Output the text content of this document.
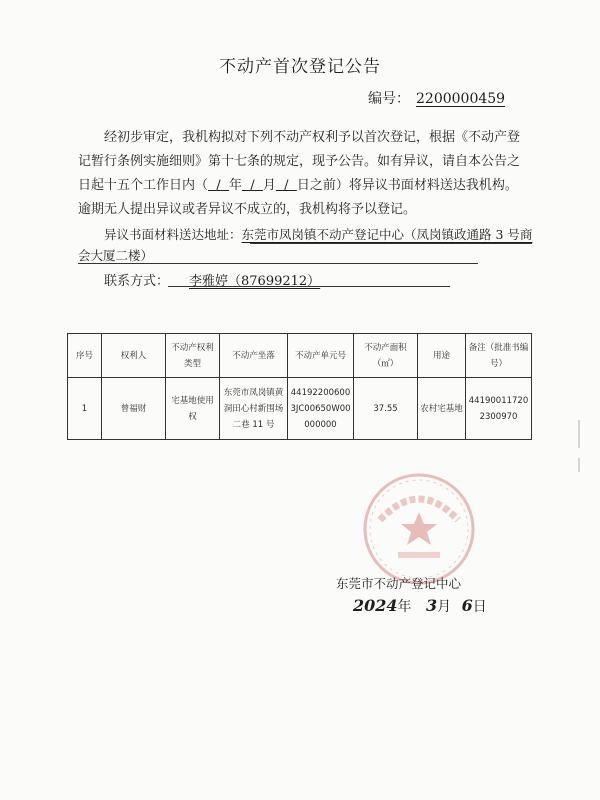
不动产首次登记公告
编号： 2200000459

经初步审定，我机构拟对下列不动产权利予以首次登记，根据《不动产登记暂行条例实施细则》第十七条的规定，现予公告。如有异议，请自本公告之日起十五个工作日内（ / 年 / 月 / 日之前）将异议书面材料送达我机构。逾期无人提出异议或者异议不成立的，我机构将予以登记。

异议书面材料送达地址：东莞市凤岗镇不动产登记中心（凤岗镇政通路 3 号商会大厦二楼）

联系方式： 李雅婷（87699212）
序号	权利人	不动产权利类型	不动产坐落	不动产单元号	不动产面积（㎡）	用途	备注（批准书编号）
1	曾福财	宅基地使用权	东莞市凤岗镇黄洞田心村新围场二巷 11 号	441922006003JC00650W00000000	37.55	农村宅基地	441900117202300970
东莞市不动产登记中心
2024年 3月 6日
